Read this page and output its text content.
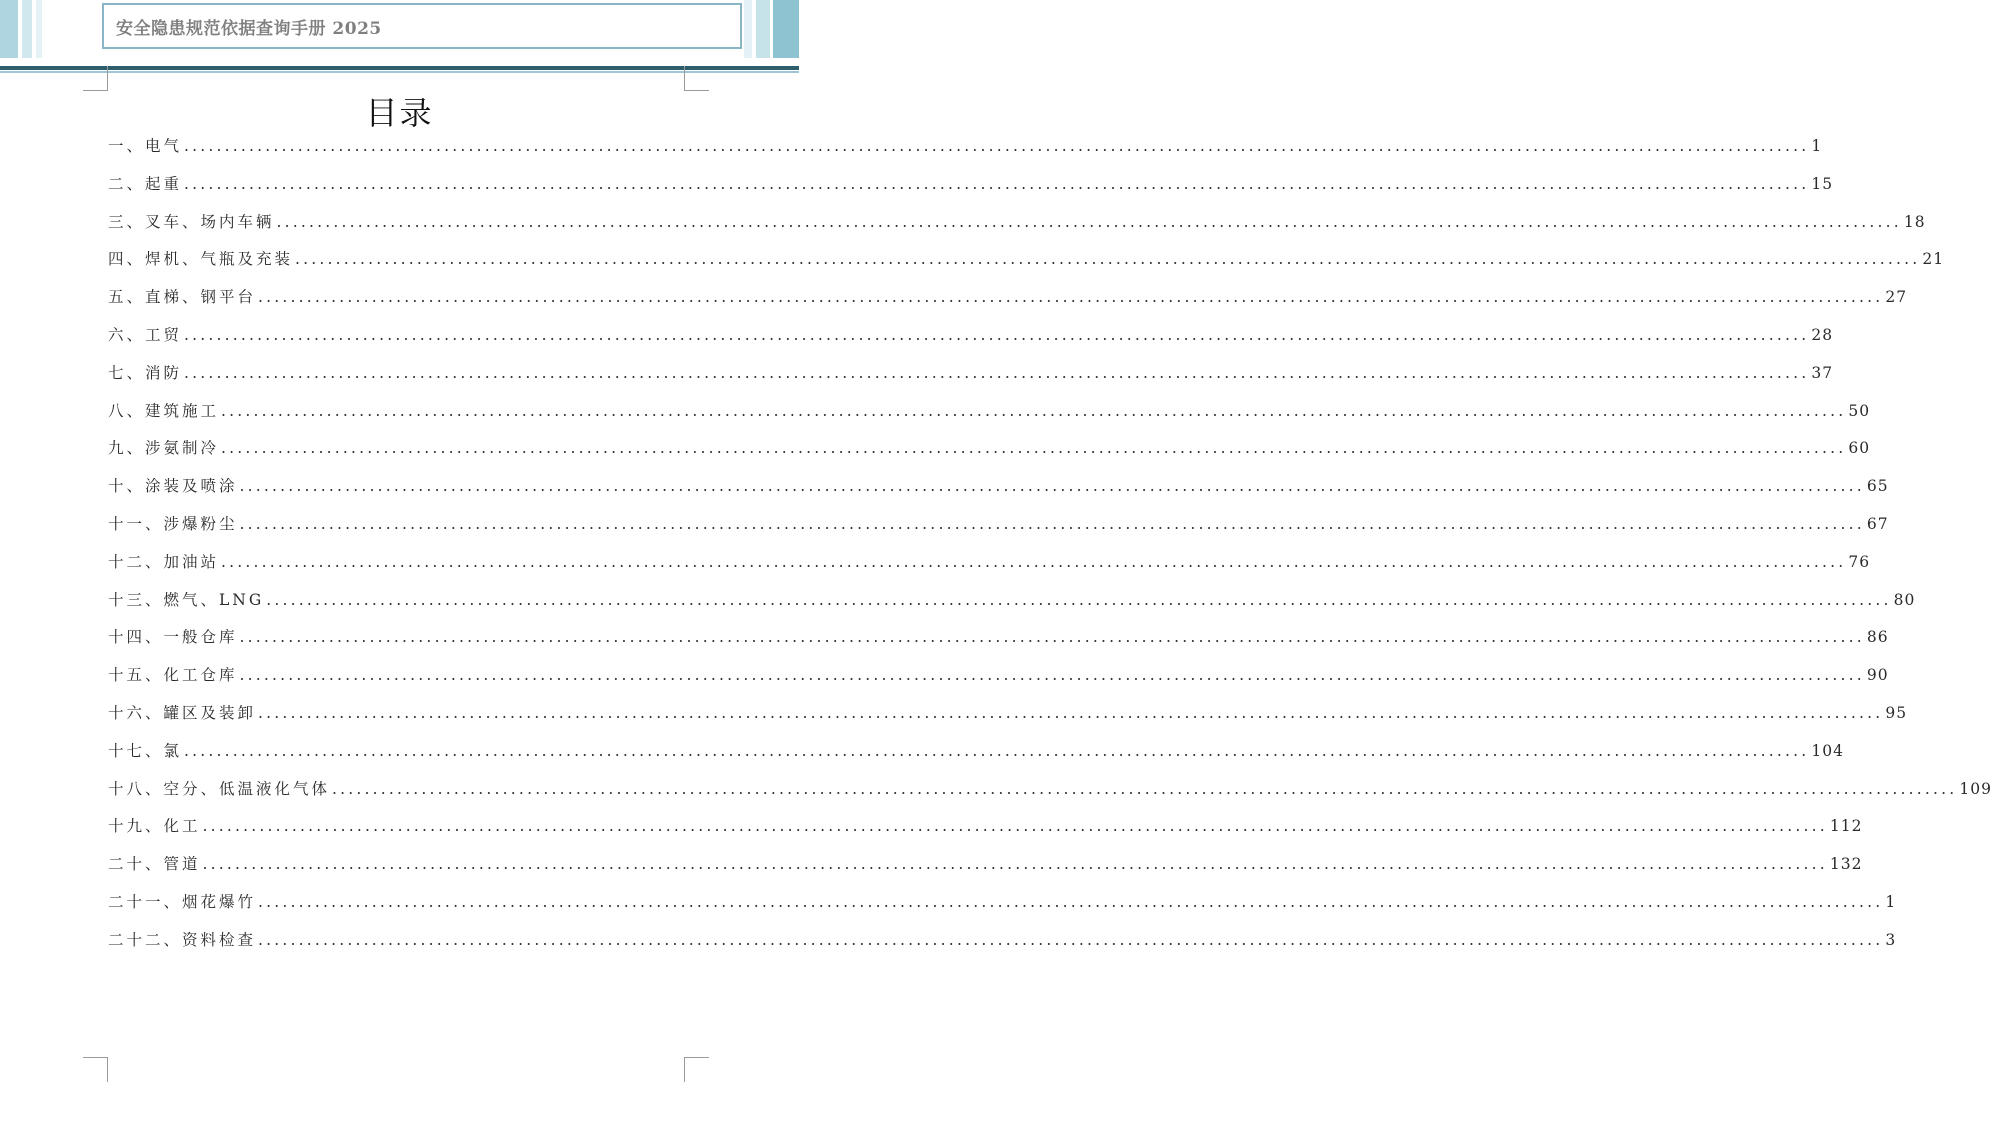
安全隐患规范依据查询手册 2025
目录
一、电气 ........................................................................................................................................................................................................ 1
二、起重 ........................................................................................................................................................................................................ 15
三、叉车、场内车辆 ........................................................................................................................................................................................................ 18
四、焊机、气瓶及充装 ........................................................................................................................................................................................................ 21
五、直梯、钢平台 ........................................................................................................................................................................................................ 27
六、工贸 ........................................................................................................................................................................................................ 28
七、消防 ........................................................................................................................................................................................................ 37
八、建筑施工 ........................................................................................................................................................................................................ 50
九、涉氨制冷 ........................................................................................................................................................................................................ 60
十、涂装及喷涂 ........................................................................................................................................................................................................ 65
十一、涉爆粉尘 ........................................................................................................................................................................................................ 67
十二、加油站 ........................................................................................................................................................................................................ 76
十三、燃气、LNG ........................................................................................................................................................................................................ 80
十四、一般仓库 ........................................................................................................................................................................................................ 86
十五、化工仓库 ........................................................................................................................................................................................................ 90
十六、罐区及装卸 ........................................................................................................................................................................................................ 95
十七、氯 ........................................................................................................................................................................................................ 104
十八、空分、低温液化气体 ........................................................................................................................................................................................................ 109
十九、化工 ........................................................................................................................................................................................................ 112
二十、管道 ........................................................................................................................................................................................................ 132
二十一、烟花爆竹 ........................................................................................................................................................................................................ 1
二十二、资料检查 ........................................................................................................................................................................................................ 3
